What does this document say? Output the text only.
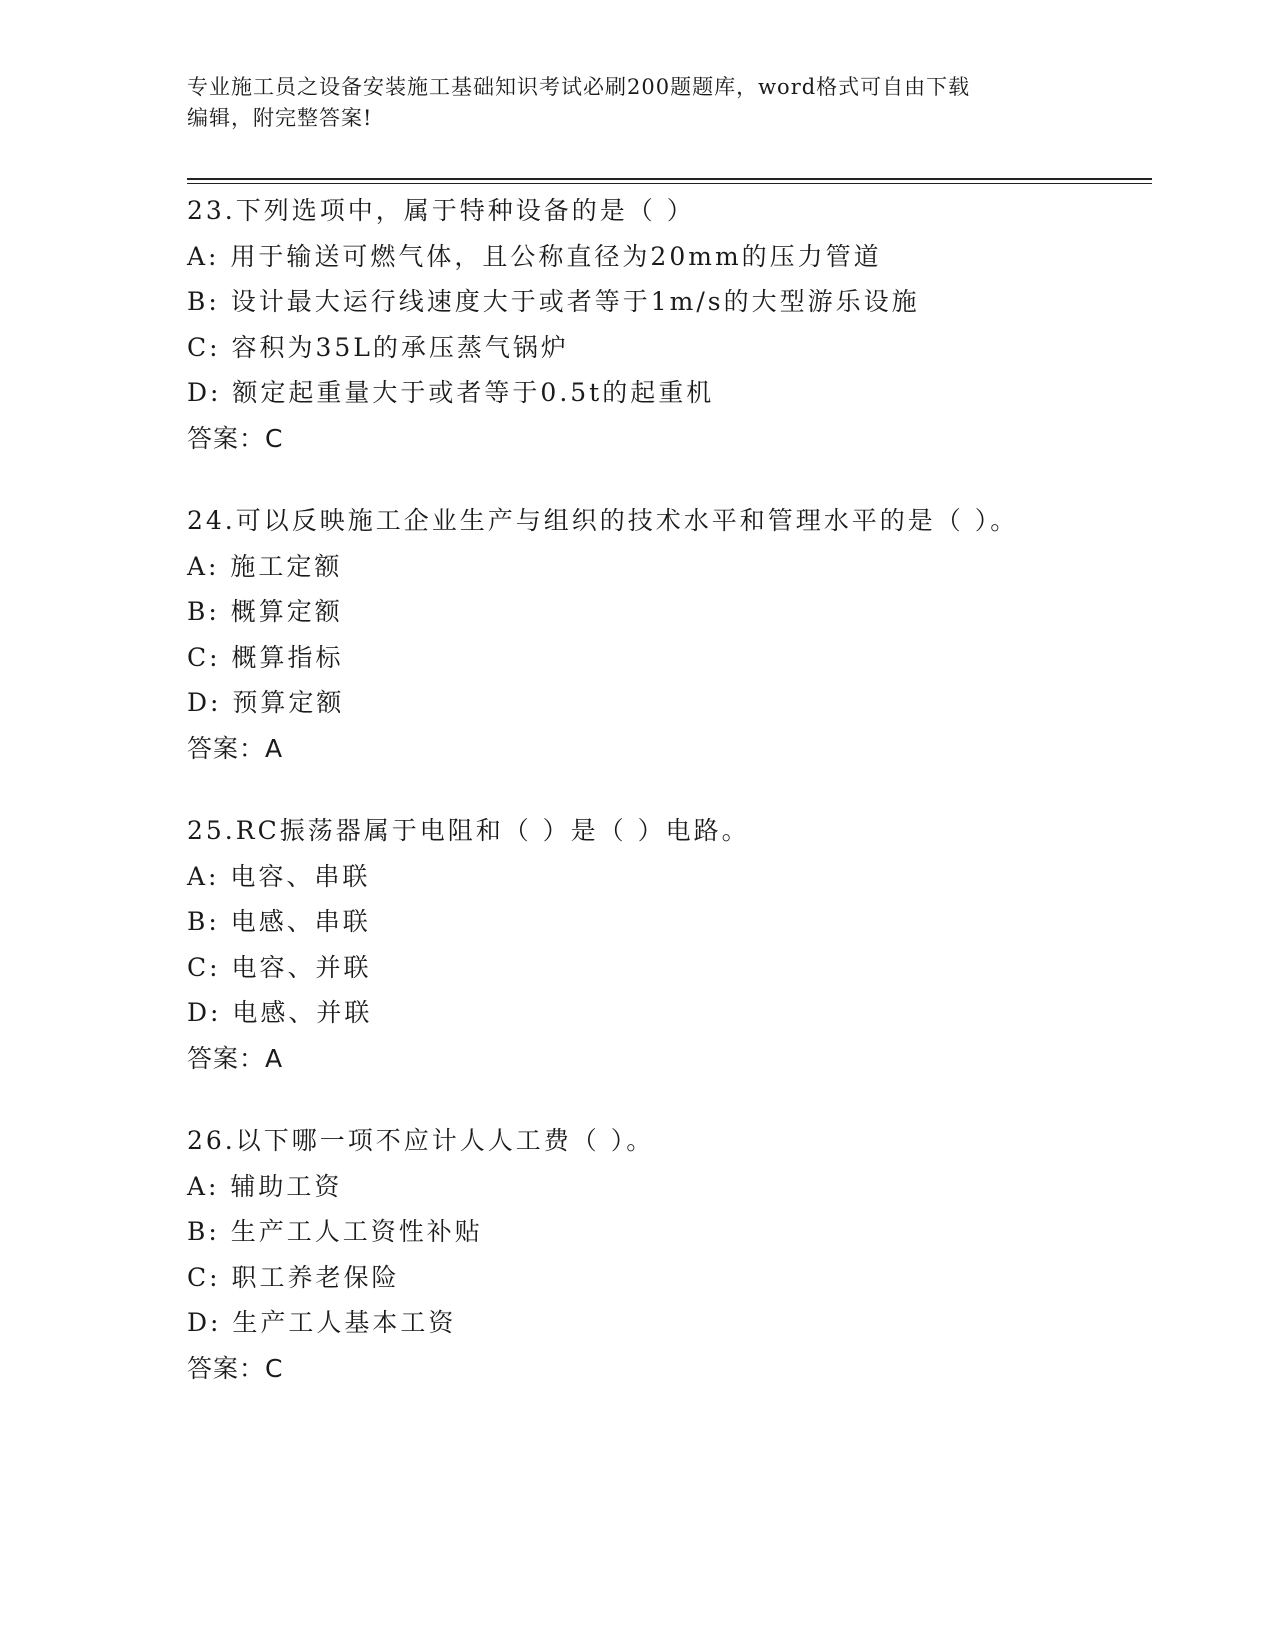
专业施工员之设备安装施工基础知识考试必刷200题题库，word格式可自由下载
编辑，附完整答案!
23.下列选项中，属于特种设备的是（ ）
A: 用于输送可燃气体，且公称直径为20mm的压力管道
B: 设计最大运行线速度大于或者等于1m/s的大型游乐设施
C: 容积为35L的承压蒸气锅炉
D: 额定起重量大于或者等于0.5t的起重机
答案：C
24.可以反映施工企业生产与组织的技术水平和管理水平的是（ ）。
A: 施工定额
B: 概算定额
C: 概算指标
D: 预算定额
答案：A
25.RC振荡器属于电阻和（ ）是（ ）电路。
A: 电容、串联
B: 电感、串联
C: 电容、并联
D: 电感、并联
答案：A
26.以下哪一项不应计人人工费（ ）。
A: 辅助工资
B: 生产工人工资性补贴
C: 职工养老保险
D: 生产工人基本工资
答案：C
